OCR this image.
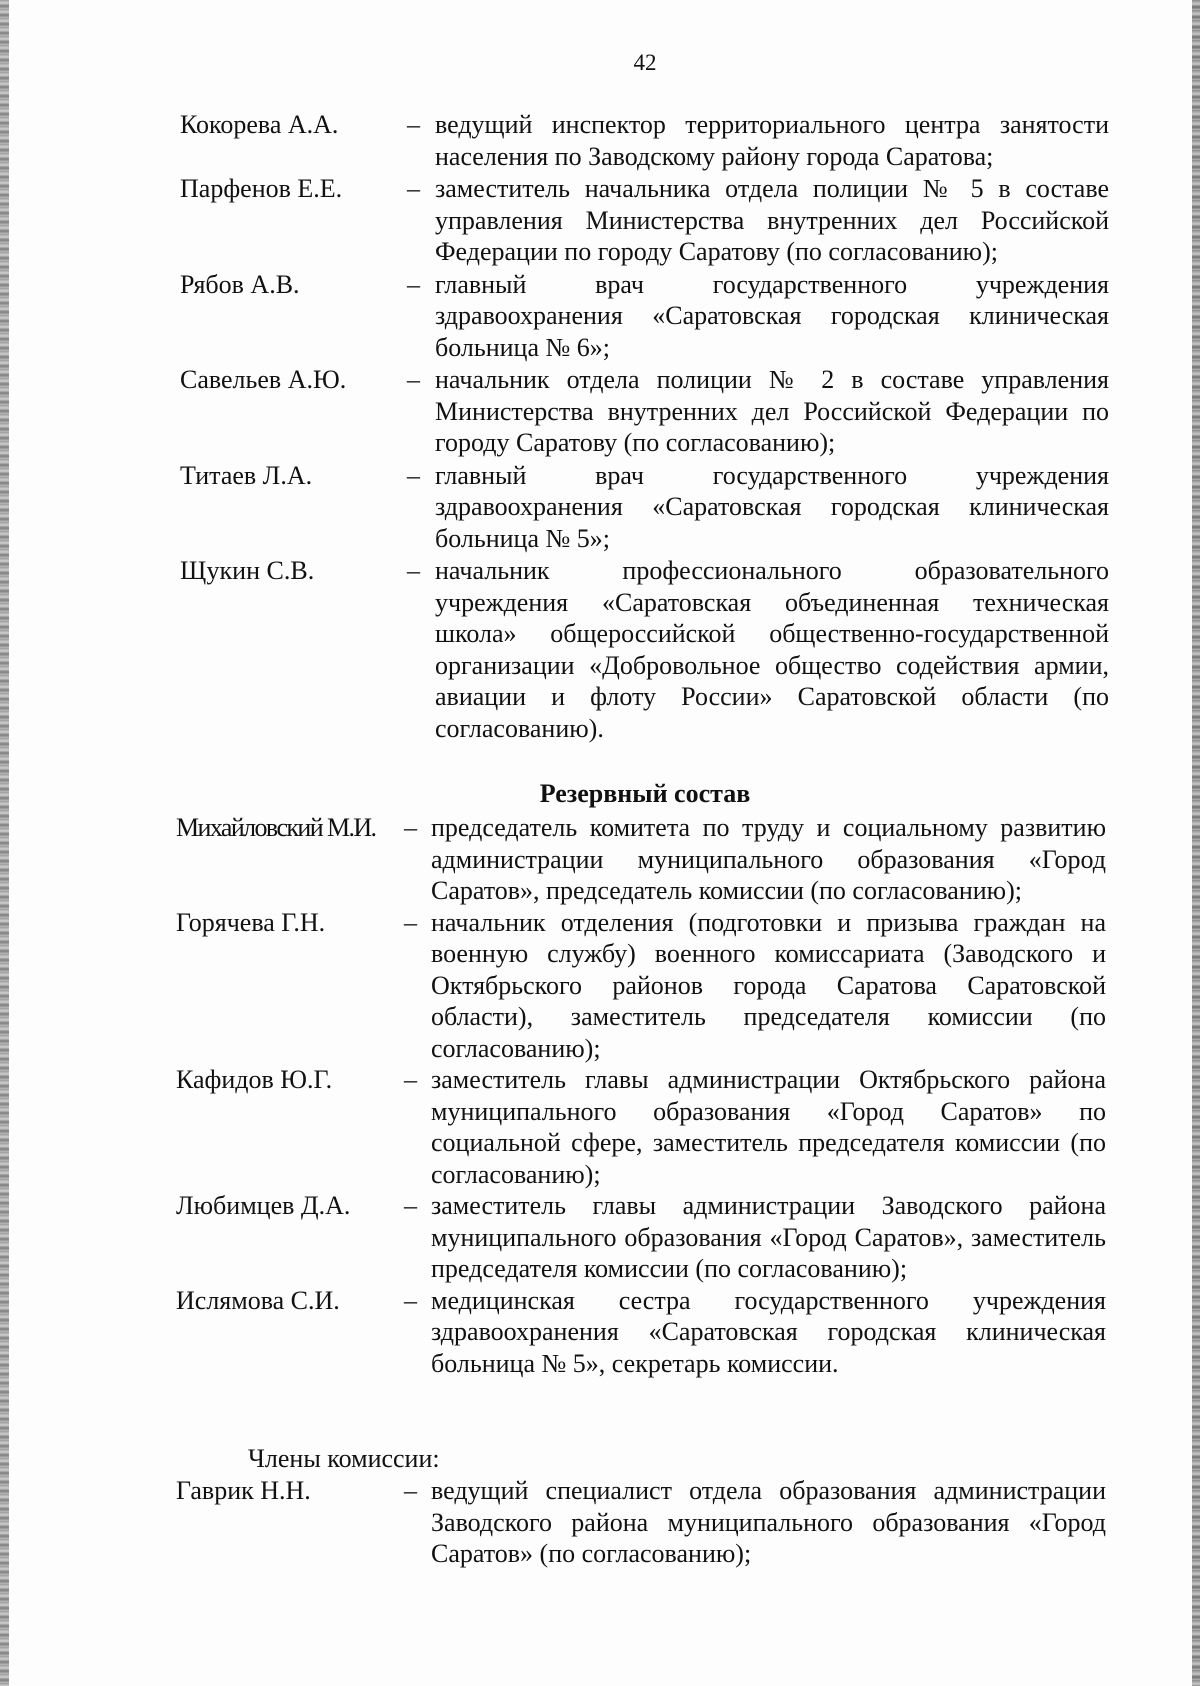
42
Кокорева А.А.	– ведущий инспектор территориального центра занятости населения по Заводскому району города Саратова;
Парфенов Е.Е.	– заместитель начальника отдела полиции № 5 в составе управления Министерства внутренних дел Российской Федерации по городу Саратову (по согласованию);
Рябов А.В.	– главный врач государственного учреждения здравоохранения «Саратовская городская клиническая больница № 6»;
Савельев А.Ю.	– начальник отдела полиции № 2 в составе управления Министерства внутренних дел Российской Федерации по городу Саратову (по согласованию);
Титаев Л.А.	– главный врач государственного учреждения здравоохранения «Саратовская городская клиническая больница № 5»;
Щукин С.В.	– начальник профессионального образовательного учреждения «Саратовская объединенная техническая школа» общероссийской общественно-государственной организации «Добровольное общество содействия армии, авиации и флоту России» Саратовской области (по согласованию).
Резервный состав
Михайловский М.И.	– председатель комитета по труду и социальному развитию администрации муниципального образования «Город Саратов», председатель комиссии (по согласованию);
Горячева Г.Н.	– начальник отделения (подготовки и призыва граждан на военную службу) военного комиссариата (Заводского и Октябрьского районов города Саратова Саратовской области), заместитель председателя комиссии (по согласованию);
Кафидов Ю.Г.	– заместитель главы администрации Октябрьского района муниципального образования «Город Саратов» по социальной сфере, заместитель председателя комиссии (по согласованию);
Любимцев Д.А.	– заместитель главы администрации Заводского района муниципального образования «Город Саратов», заместитель председателя комиссии (по согласованию);
Ислямова С.И.	– медицинская сестра государственного учреждения здравоохранения «Саратовская городская клиническая больница № 5», секретарь комиссии.
Члены комиссии:
Гаврик Н.Н.	– ведущий специалист отдела образования администрации Заводского района муниципального образования «Город Саратов» (по согласованию);
